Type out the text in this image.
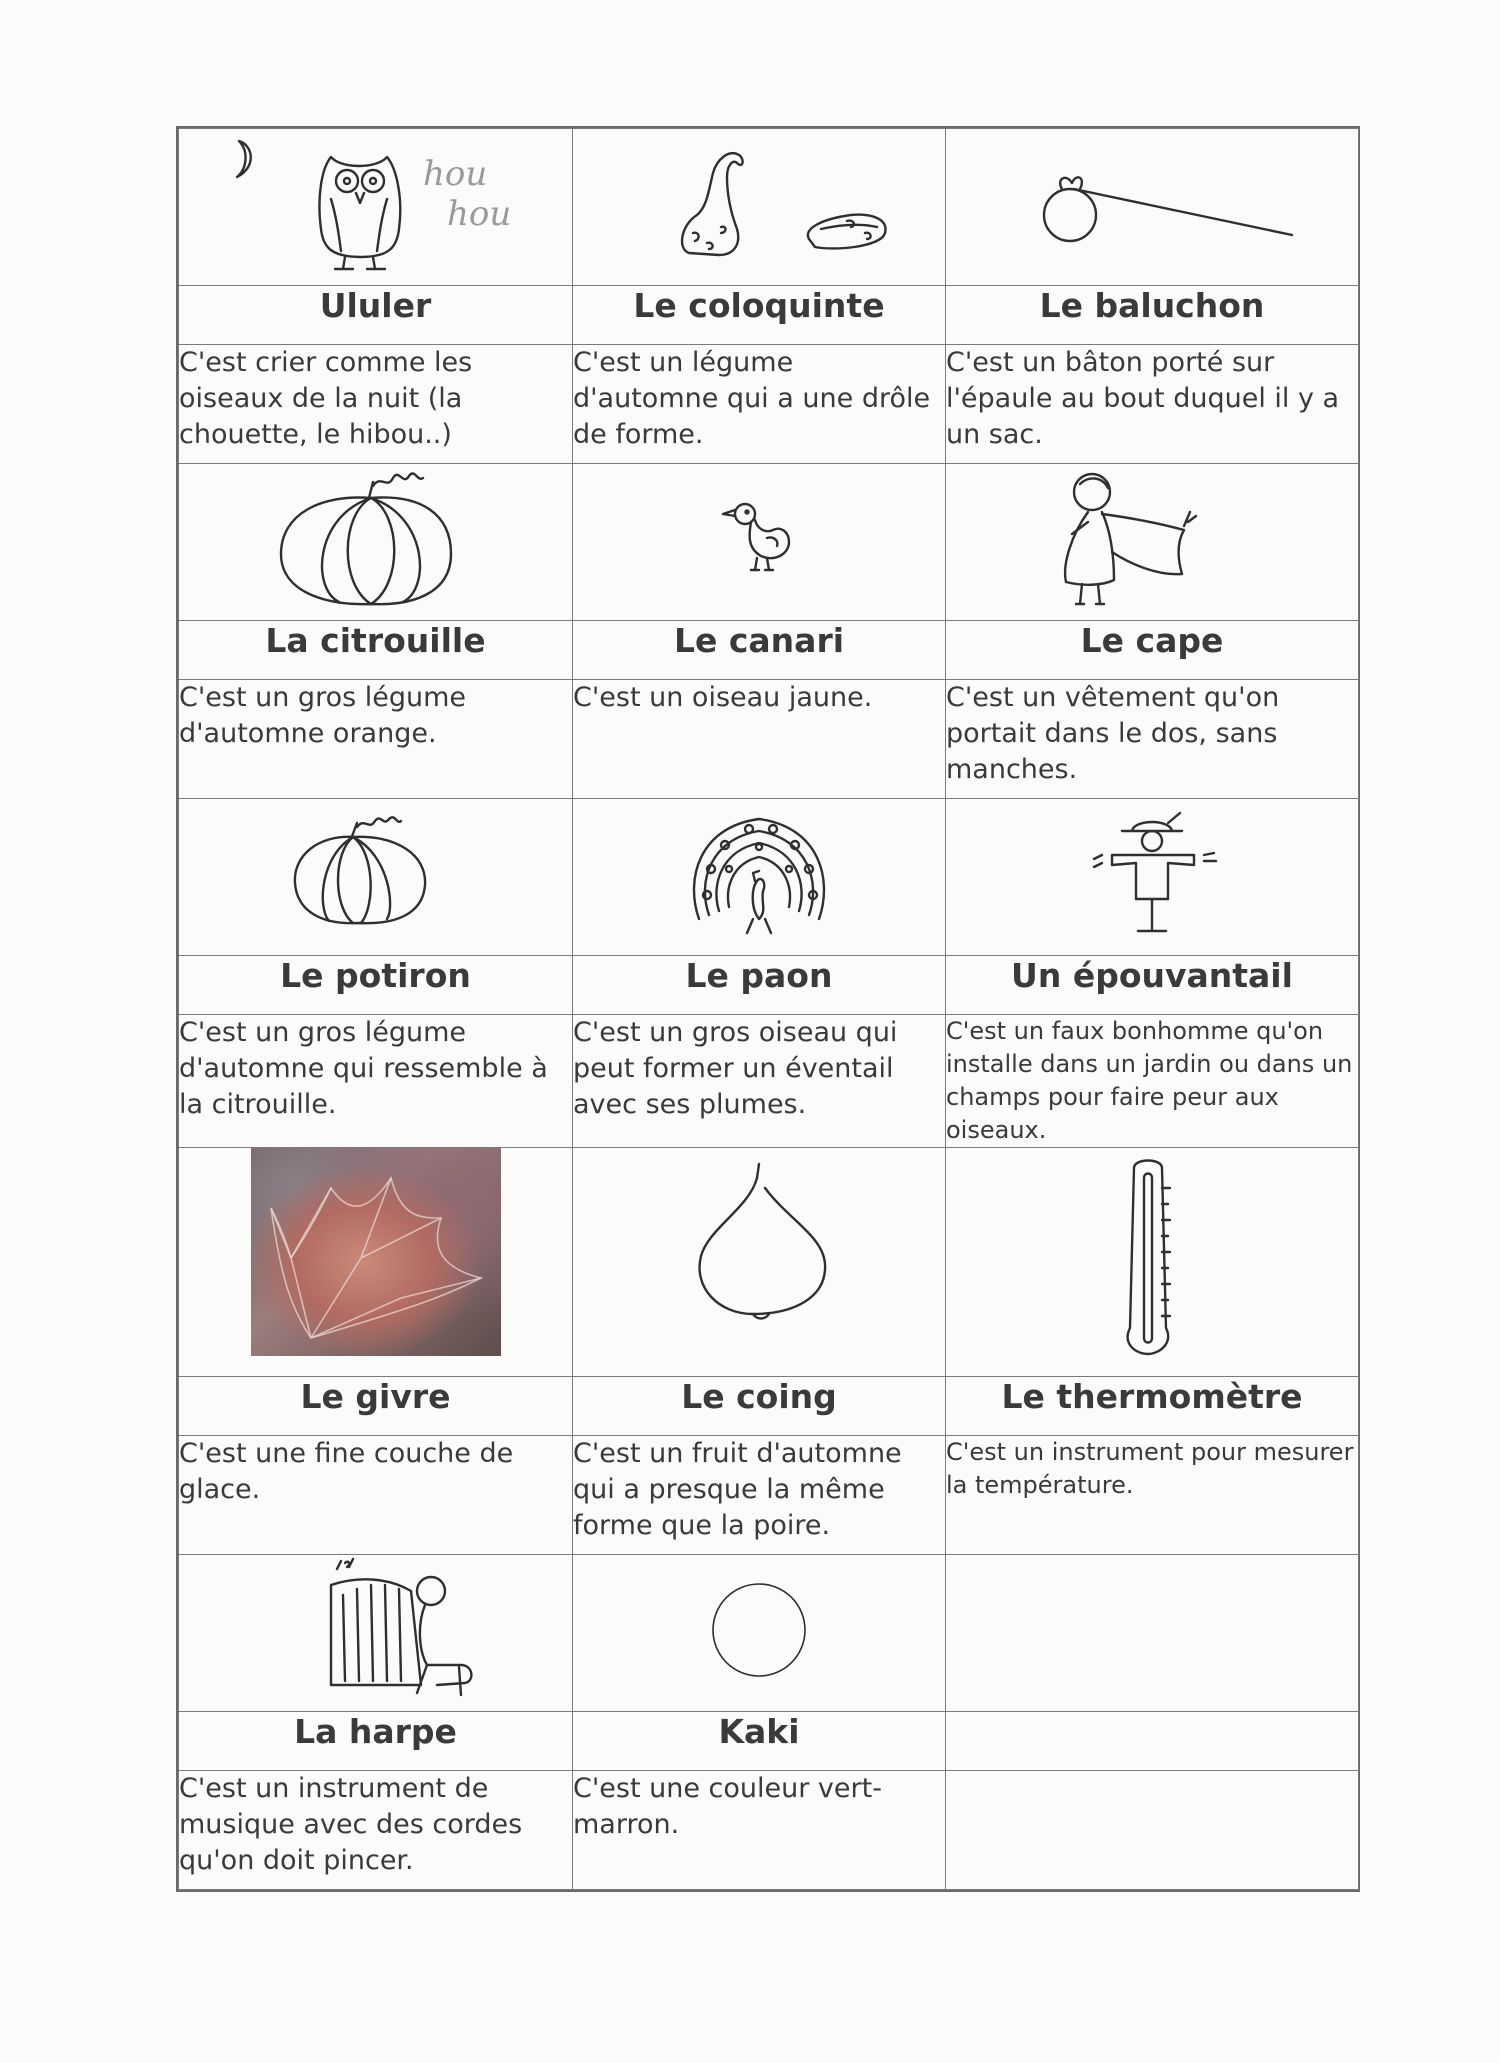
hou
hou

Ululer	Le coloquinte	Le baluchon
C'est crier comme les oiseaux de la nuit (la chouette, le hibou..)	C'est un légume d'automne qui a une drôle de forme.	C'est un bâton porté sur l'épaule au bout duquel il y a un sac.

La citrouille	Le canari	Le cape
C'est un gros légume d'automne orange.	C'est un oiseau jaune.	C'est un vêtement qu'on portait dans le dos, sans manches.

Le potiron	Le paon	Un épouvantail
C'est un gros légume d'automne qui ressemble à la citrouille.	C'est un gros oiseau qui peut former un éventail avec ses plumes.	C'est un faux bonhomme qu'on installe dans un jardin ou dans un champs pour faire peur aux oiseaux.

Le givre	Le coing	Le thermomètre
C'est une fine couche de glace.	C'est un fruit d'automne qui a presque la même forme que la poire.	C'est un instrument pour mesurer la température.

La harpe	Kaki	
C'est un instrument de musique avec des cordes qu'on doit pincer.	C'est une couleur vert-marron.	
